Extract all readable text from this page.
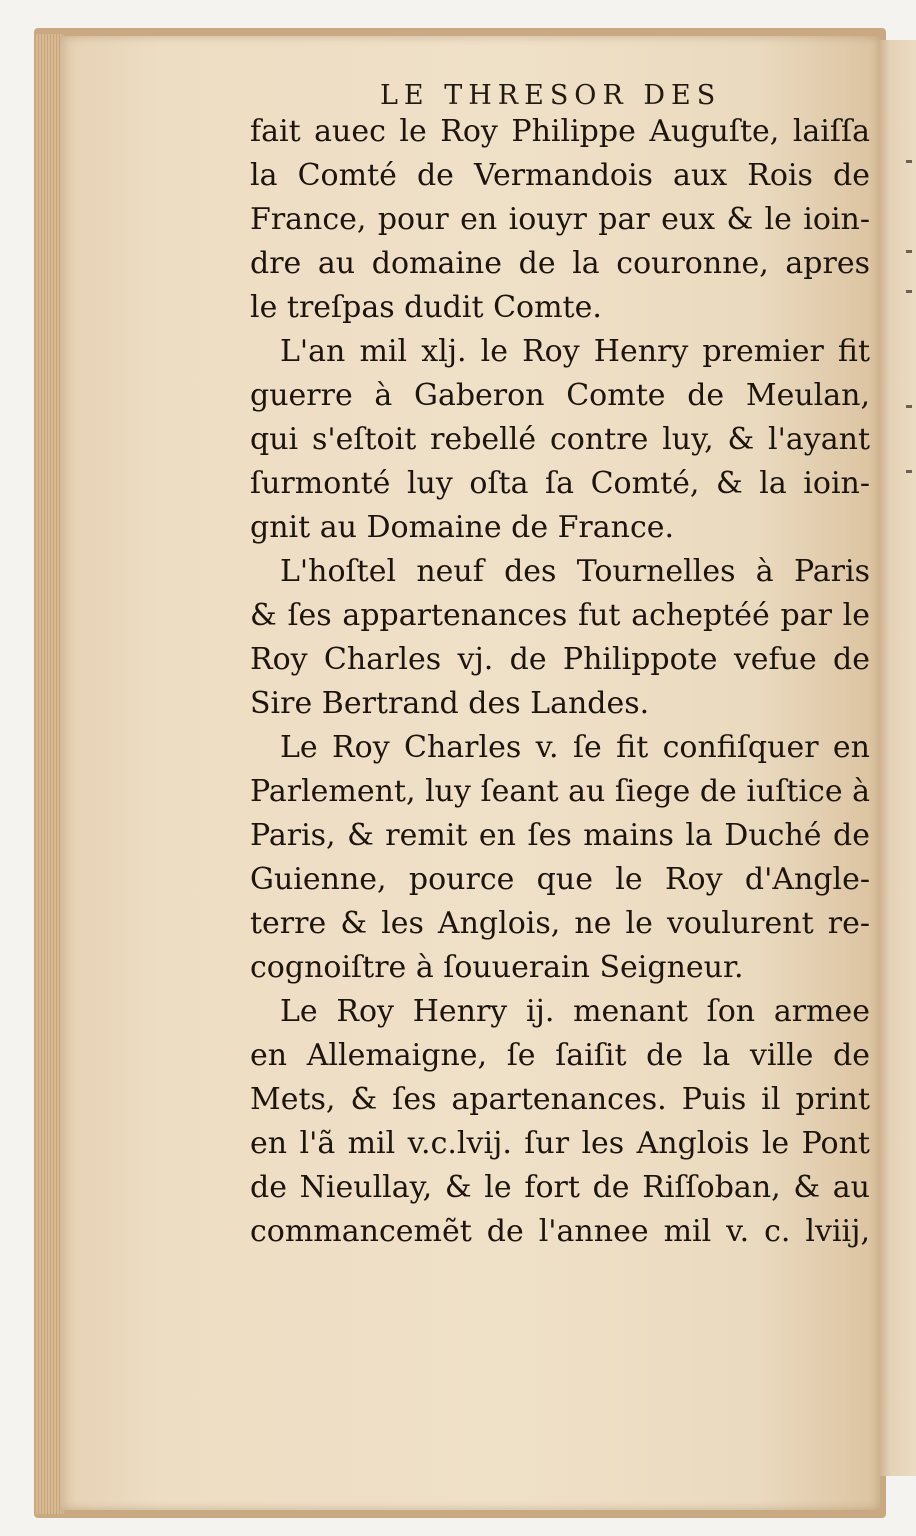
LE THRESOR DES
fait auec le Roy Philippe Auguſte, laiſſa
la Comté de Vermandois aux Rois de
France, pour en iouyr par eux & le ioin-
dre au domaine de la couronne, apres
le treſpas dudit Comte.
L'an mil xlj. le Roy Henry premier fit
guerre à Gaberon Comte de Meulan,
qui s'eſtoit rebellé contre luy, & l'ayant
ſurmonté luy oſta ſa Comté, & la ioin-
gnit au Domaine de France.
L'hoſtel neuf des Tournelles à Paris
& ſes appartenances fut acheptéé par le
Roy Charles vj. de Philippote vefue de
Sire Bertrand des Landes.
Le Roy Charles v. ſe fit confiſquer en
Parlement, luy ſeant au ſiege de iuſtice à
Paris, & remit en ſes mains la Duché de
Guienne, pource que le Roy d'Angle-
terre & les Anglois, ne le voulurent re-
cognoiſtre à ſouuerain Seigneur.
Le Roy Henry ij. menant ſon armee
en Allemaigne, ſe ſaiſit de la ville de
Mets, & ſes apartenances. Puis il print
en l'ã mil v.c.lvij. ſur les Anglois le Pont
de Nieullay, & le fort de Riſſoban, & au
commancemẽt de l'annee mil v. c. lviij,
